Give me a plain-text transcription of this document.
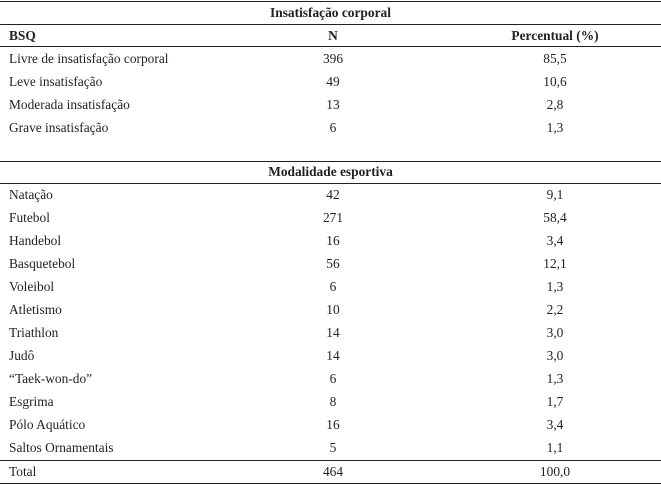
Insatisfação corporal
BSQ	N	Percentual (%)
Livre de insatisfação corporal	396	85,5
Leve insatisfação	49	10,6
Moderada insatisfação	13	2,8
Grave insatisfação	6	1,3
Modalidade esportiva
Natação	42	9,1
Futebol	271	58,4
Handebol	16	3,4
Basquetebol	56	12,1
Voleibol	6	1,3
Atletismo	10	2,2
Triathlon	14	3,0
Judô	14	3,0
“Taek-won-do”	6	1,3
Esgrima	8	1,7
Pólo Aquático	16	3,4
Saltos Ornamentais	5	1,1
Total	464	100,0
